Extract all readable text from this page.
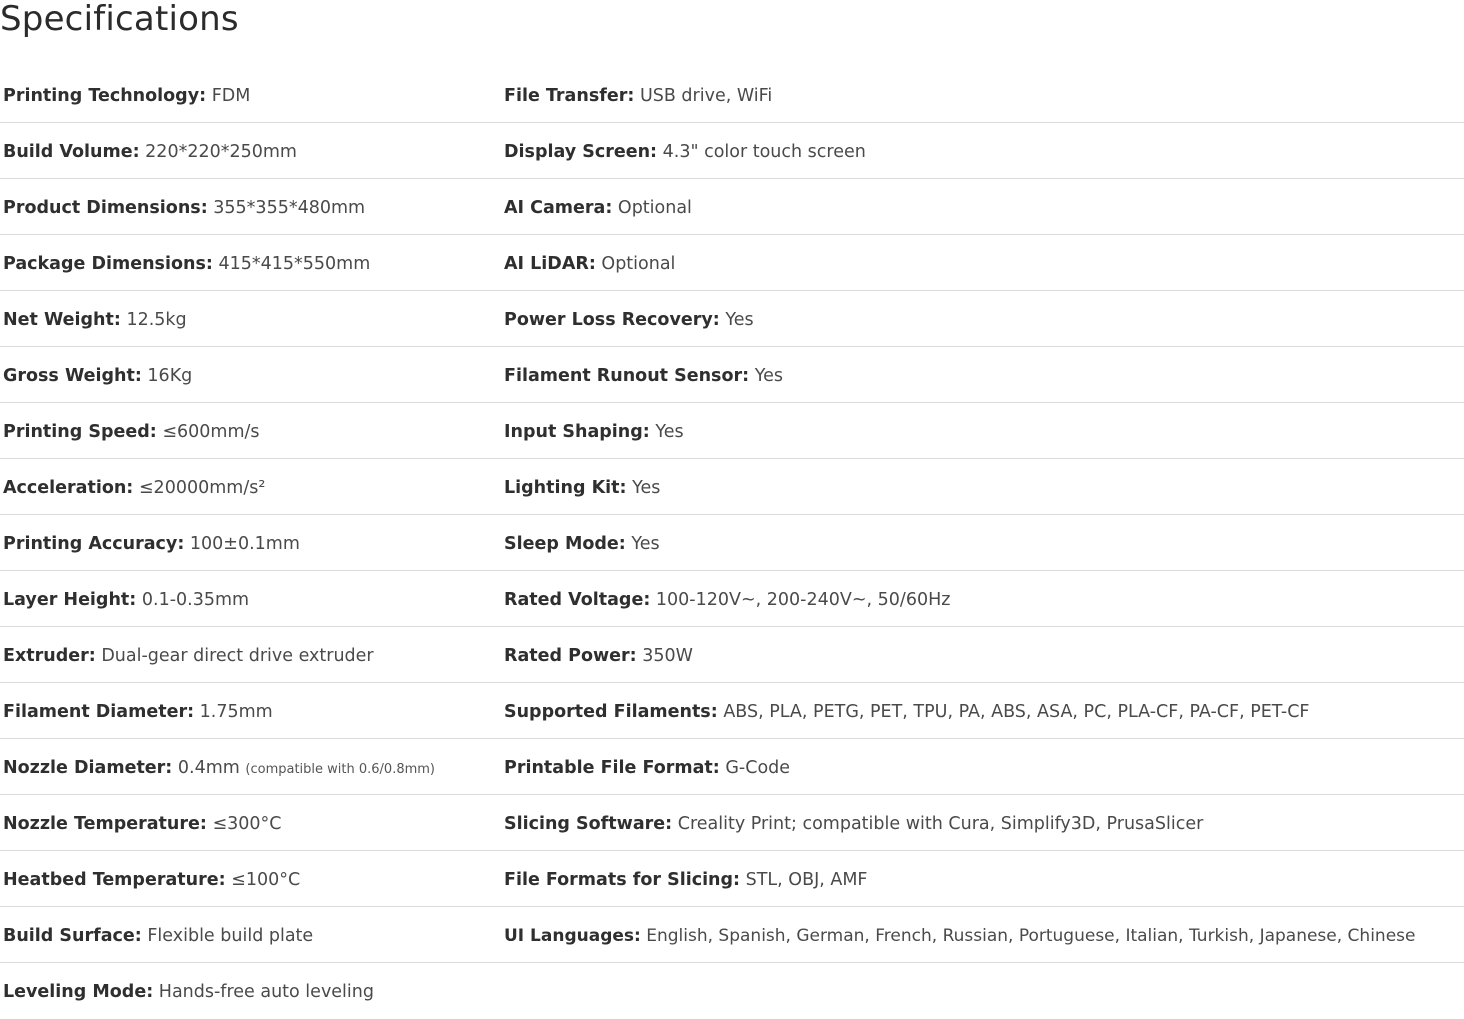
Specifications
Printing Technology: FDM	File Transfer: USB drive, WiFi
Build Volume: 220*220*250mm	Display Screen: 4.3" color touch screen
Product Dimensions: 355*355*480mm	AI Camera: Optional
Package Dimensions: 415*415*550mm	AI LiDAR: Optional
Net Weight: 12.5kg	Power Loss Recovery: Yes
Gross Weight: 16Kg	Filament Runout Sensor: Yes
Printing Speed: ≤600mm/s	Input Shaping: Yes
Acceleration: ≤20000mm/s²	Lighting Kit: Yes
Printing Accuracy: 100±0.1mm	Sleep Mode: Yes
Layer Height: 0.1-0.35mm	Rated Voltage: 100-120V~, 200-240V~, 50/60Hz
Extruder: Dual-gear direct drive extruder	Rated Power: 350W
Filament Diameter: 1.75mm	Supported Filaments: ABS, PLA, PETG, PET, TPU, PA, ABS, ASA, PC, PLA-CF, PA-CF, PET-CF
Nozzle Diameter: 0.4mm (compatible with 0.6/0.8mm)	Printable File Format: G-Code
Nozzle Temperature: ≤300°C	Slicing Software: Creality Print; compatible with Cura, Simplify3D, PrusaSlicer
Heatbed Temperature: ≤100°C	File Formats for Slicing: STL, OBJ, AMF
Build Surface: Flexible build plate	UI Languages: English, Spanish, German, French, Russian, Portuguese, Italian, Turkish, Japanese, Chinese
Leveling Mode: Hands-free auto leveling
